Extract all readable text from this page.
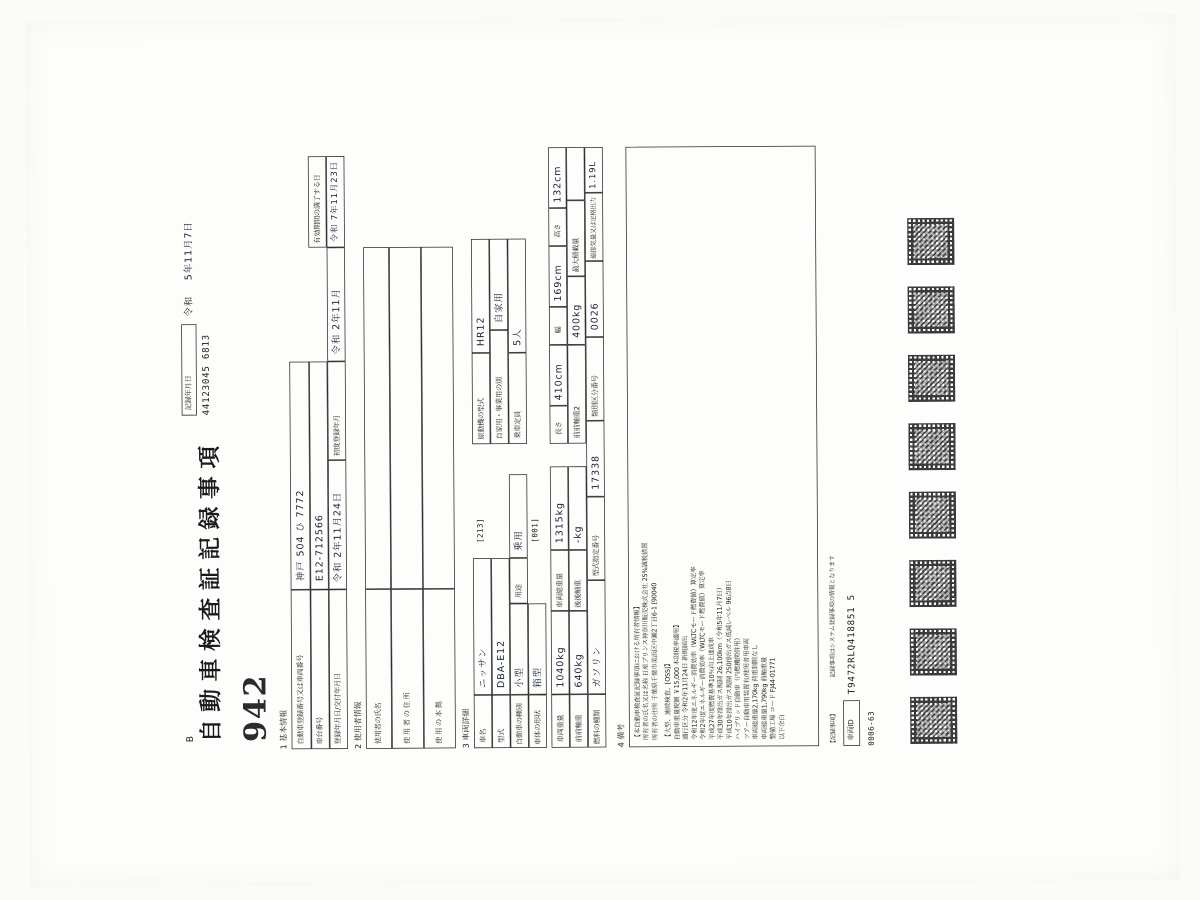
自動車検査証記録事項
B
記録年月日
令和
5年11月7日
44123045 6813
942 1 基本情報 自動車登録番号又は車両番号
神戸 504 ひ 7772
車台番号
E12-712566
登録年月日/交付年月日
令和 2年11月24日
初度登録年月
令和 2年11月
有効期間の満了する日 令和 7年11月23日
2 使用者情報 使用者の氏名 使 用 者 の 住 所 使 用 の 本 拠 3 車両詳細 車名
ニッサン
原動機の型式
HR12
[213]
型式
DBA-E12
自家用・事業用の別
自家用
自動車の種別
小型
用途
乗用
乗車定員
5人
車体の形状
箱型
[001]
車両重量
1040kg
車両総重量
1315kg
長さ
410cm
幅
169cm
高さ
132cm
前前軸重
640kg
後後軸重
-kg
前前軸重2
400kg
最大積載量
燃料の種類
ガソリン
型式指定番号
17338
類別区分番号
0026
総排気量又は定格出力
1.19L
4 備考 【本自動車検査証記録事項における所有者情報】 所有者の氏名又は名称 日産プリンス神奈川販売株式会社 25%誠税措置 所有者の住所 千葉県千葉市美浜区中瀬2丁目6-1 [90040 【大型、連続検査、[OSS]】 自動車重量税額 ￥15,000 本則税率適用】 通行区分 令和2年11月24日 新規届出 令和12年度エネルギー消費効率（WLTCモード燃費値）算定率 令和2年度エネルギー消費効率（WLTCモード燃費値）算定率 平成27年度燃費基準10％向上達成車 平成30年排出ガス規制 26,100km（令和5年11月7日） 平成10年排出ガス規制 250排出ガス低減レベル 96点8日 ハイブリッド自動車（内燃機関併用） ツアー自動車用装置有/使用者用車両 車両総重量2,170kg 荷重制限なし 車両総重量1,790kg 前軸重量 整備工場 コード FJ44-01771 以下余白	【記録事項】
記録事項はシステム登録事項の情報となります
車両ID
T9472RLQ418851 5
0006-63
